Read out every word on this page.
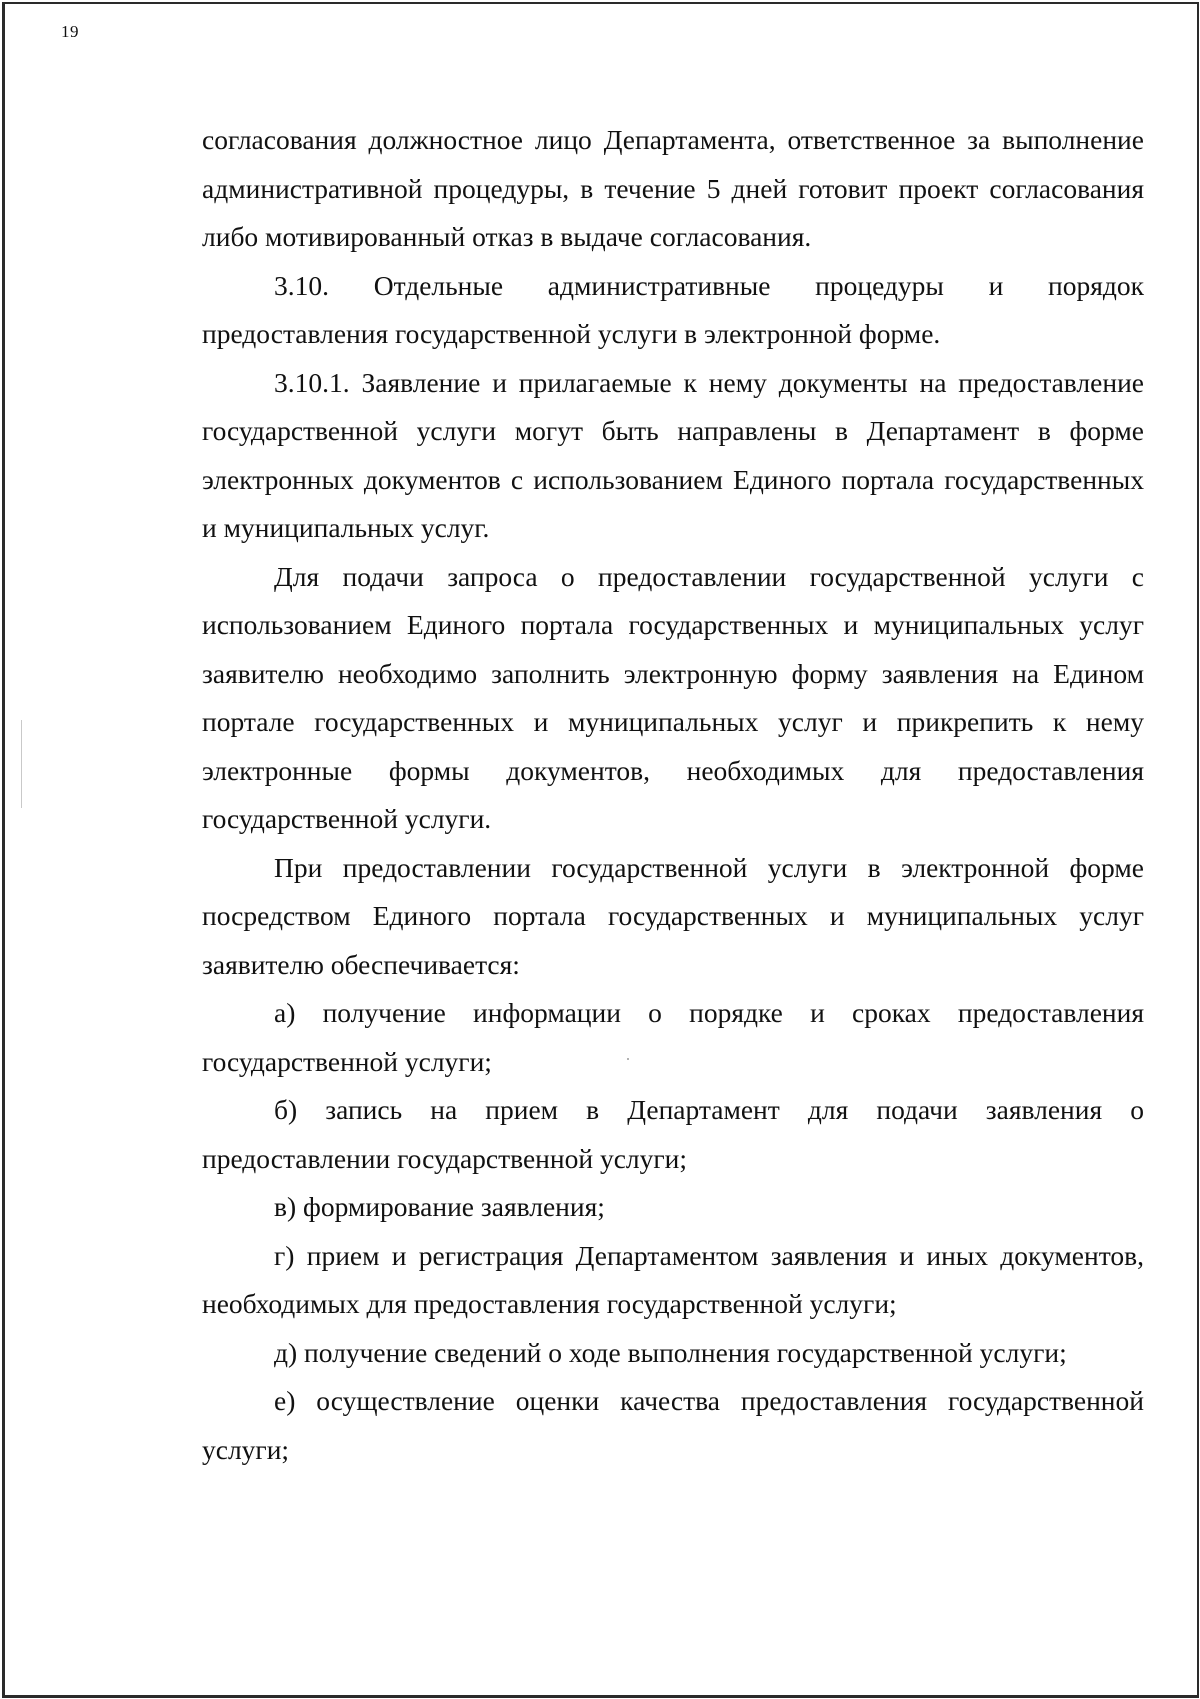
19

согласования должностное лицо Департамента, ответственное за выполнение административной процедуры, в течение 5 дней готовит проект согласования либо мотивированный отказ в выдаче согласования.

3.10. Отдельные административные процедуры и порядок предоставления государственной услуги в электронной форме.

3.10.1. Заявление и прилагаемые к нему документы на предоставление государственной услуги могут быть направлены в Департамент в форме электронных документов с использованием Единого портала государственных и муниципальных услуг.

Для подачи запроса о предоставлении государственной услуги с использованием Единого портала государственных и муниципальных услуг заявителю необходимо заполнить электронную форму заявления на Едином портале государственных и муниципальных услуг и прикрепить к нему электронные формы документов, необходимых для предоставления государственной услуги.

При предоставлении государственной услуги в электронной форме посредством Единого портала государственных и муниципальных услуг заявителю обеспечивается:

а) получение информации о порядке и сроках предоставления государственной услуги;

б) запись на прием в Департамент для подачи заявления о предоставлении государственной услуги;

в) формирование заявления;

г) прием и регистрация Департаментом заявления и иных документов, необходимых для предоставления государственной услуги;

д) получение сведений о ходе выполнения государственной услуги;

е) осуществление оценки качества предоставления государственной услуги;
